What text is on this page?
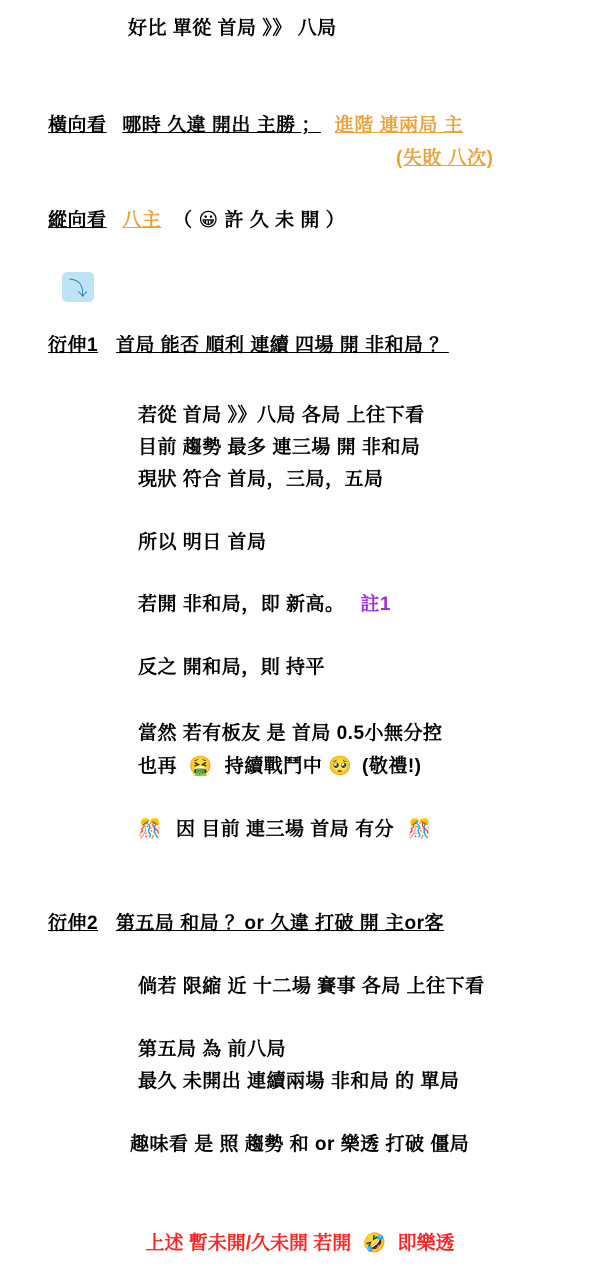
好比 單從 首局 》》 八局
橫向看 哪時 久違 開出 主勝 ； 進階 連兩局 主
(失敗 八次)
縱向看 八主 （ 😀 許 久 未 開 ）
⤵
衍伸1 首局 能否 順利 連續 四場 開 非和局 ？
若從 首局 》》八局 各局 上往下看
目前 趨勢 最多 連三場 開 非和局
現狀 符合 首局，三局，五局
所以 明日 首局
若開 非和局，即 新高。 註1
反之 開和局，則 持平
當然 若有板友 是 首局 0.5小無分控
也再 🤮 持續戰鬥中 🥺 (敬禮!)
🎊 因 目前 連三場 首局 有分 🎊
衍伸2 第五局 和局 ？or 久違 打破 開 主or客
倘若 限縮 近 十二場 賽事 各局 上往下看
第五局 為 前八局
最久 未開出 連續兩場 非和局 的 單局
趣味看 是 照 趨勢 和 or 樂透 打破 僵局
上述 暫未開/久未開 若開 🤣 即樂透
